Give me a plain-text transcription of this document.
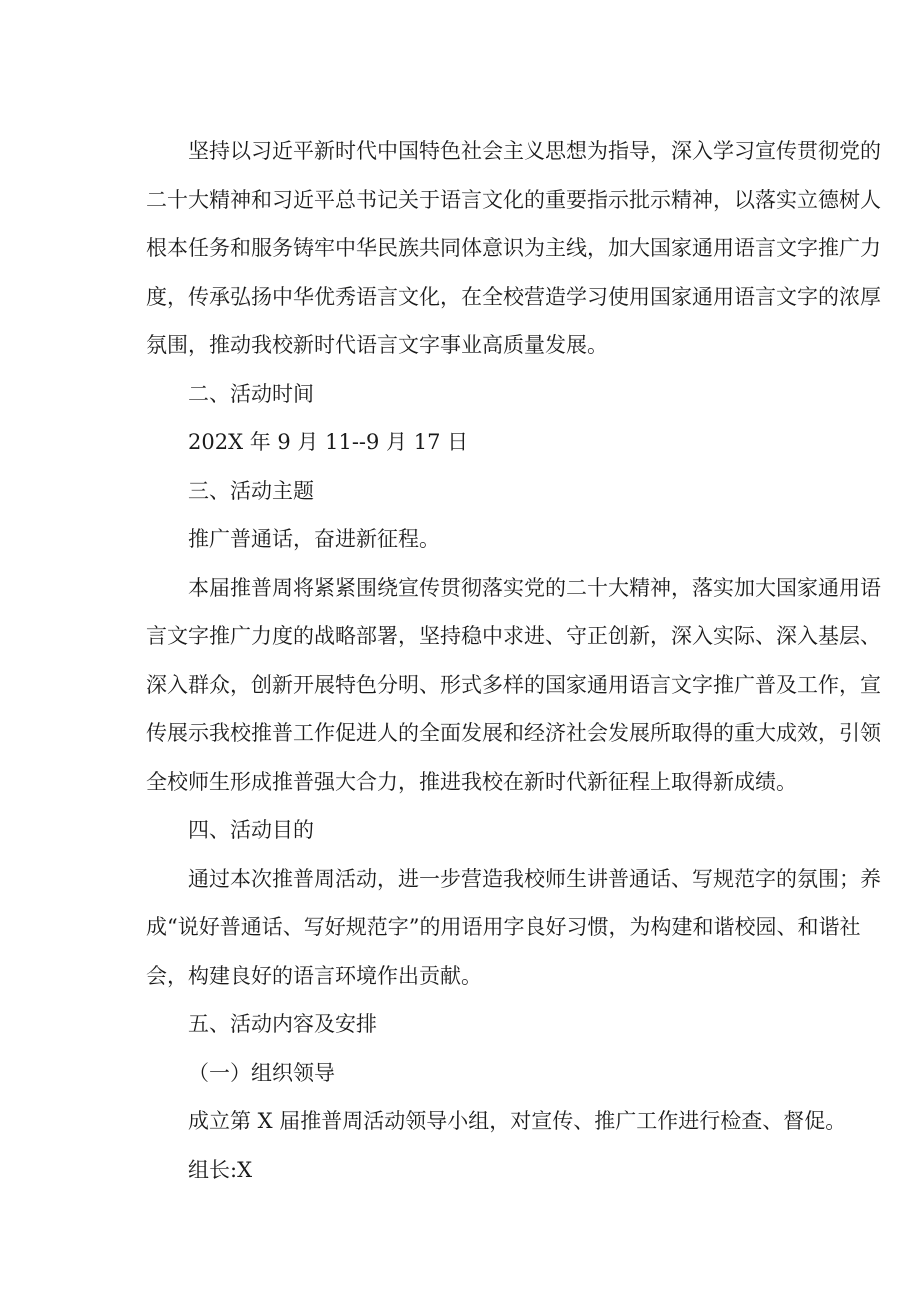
坚持以习近平新时代中国特色社会主义思想为指导，深入学习宣传贯彻党的
二十大精神和习近平总书记关于语言文化的重要指示批示精神，以落实立德树人
根本任务和服务铸牢中华民族共同体意识为主线，加大国家通用语言文字推广力
度，传承弘扬中华优秀语言文化，在全校营造学习使用国家通用语言文字的浓厚
氛围，推动我校新时代语言文字事业高质量发展。

二、活动时间

202X 年 9 月 11--9 月 17 日

三、活动主题

推广普通话，奋进新征程。

本届推普周将紧紧围绕宣传贯彻落实党的二十大精神，落实加大国家通用语
言文字推广力度的战略部署，坚持稳中求进、守正创新，深入实际、深入基层、
深入群众，创新开展特色分明、形式多样的国家通用语言文字推广普及工作，宣
传展示我校推普工作促进人的全面发展和经济社会发展所取得的重大成效，引领
全校师生形成推普强大合力，推进我校在新时代新征程上取得新成绩。

四、活动目的

通过本次推普周活动，进一步营造我校师生讲普通话、写规范字的氛围；养
成“说好普通话、写好规范字”的用语用字良好习惯，为构建和谐校园、和谐社
会，构建良好的语言环境作出贡献。

五、活动内容及安排

（一）组织领导

成立第 X 届推普周活动领导小组，对宣传、推广工作进行检查、督促。

组长:X
